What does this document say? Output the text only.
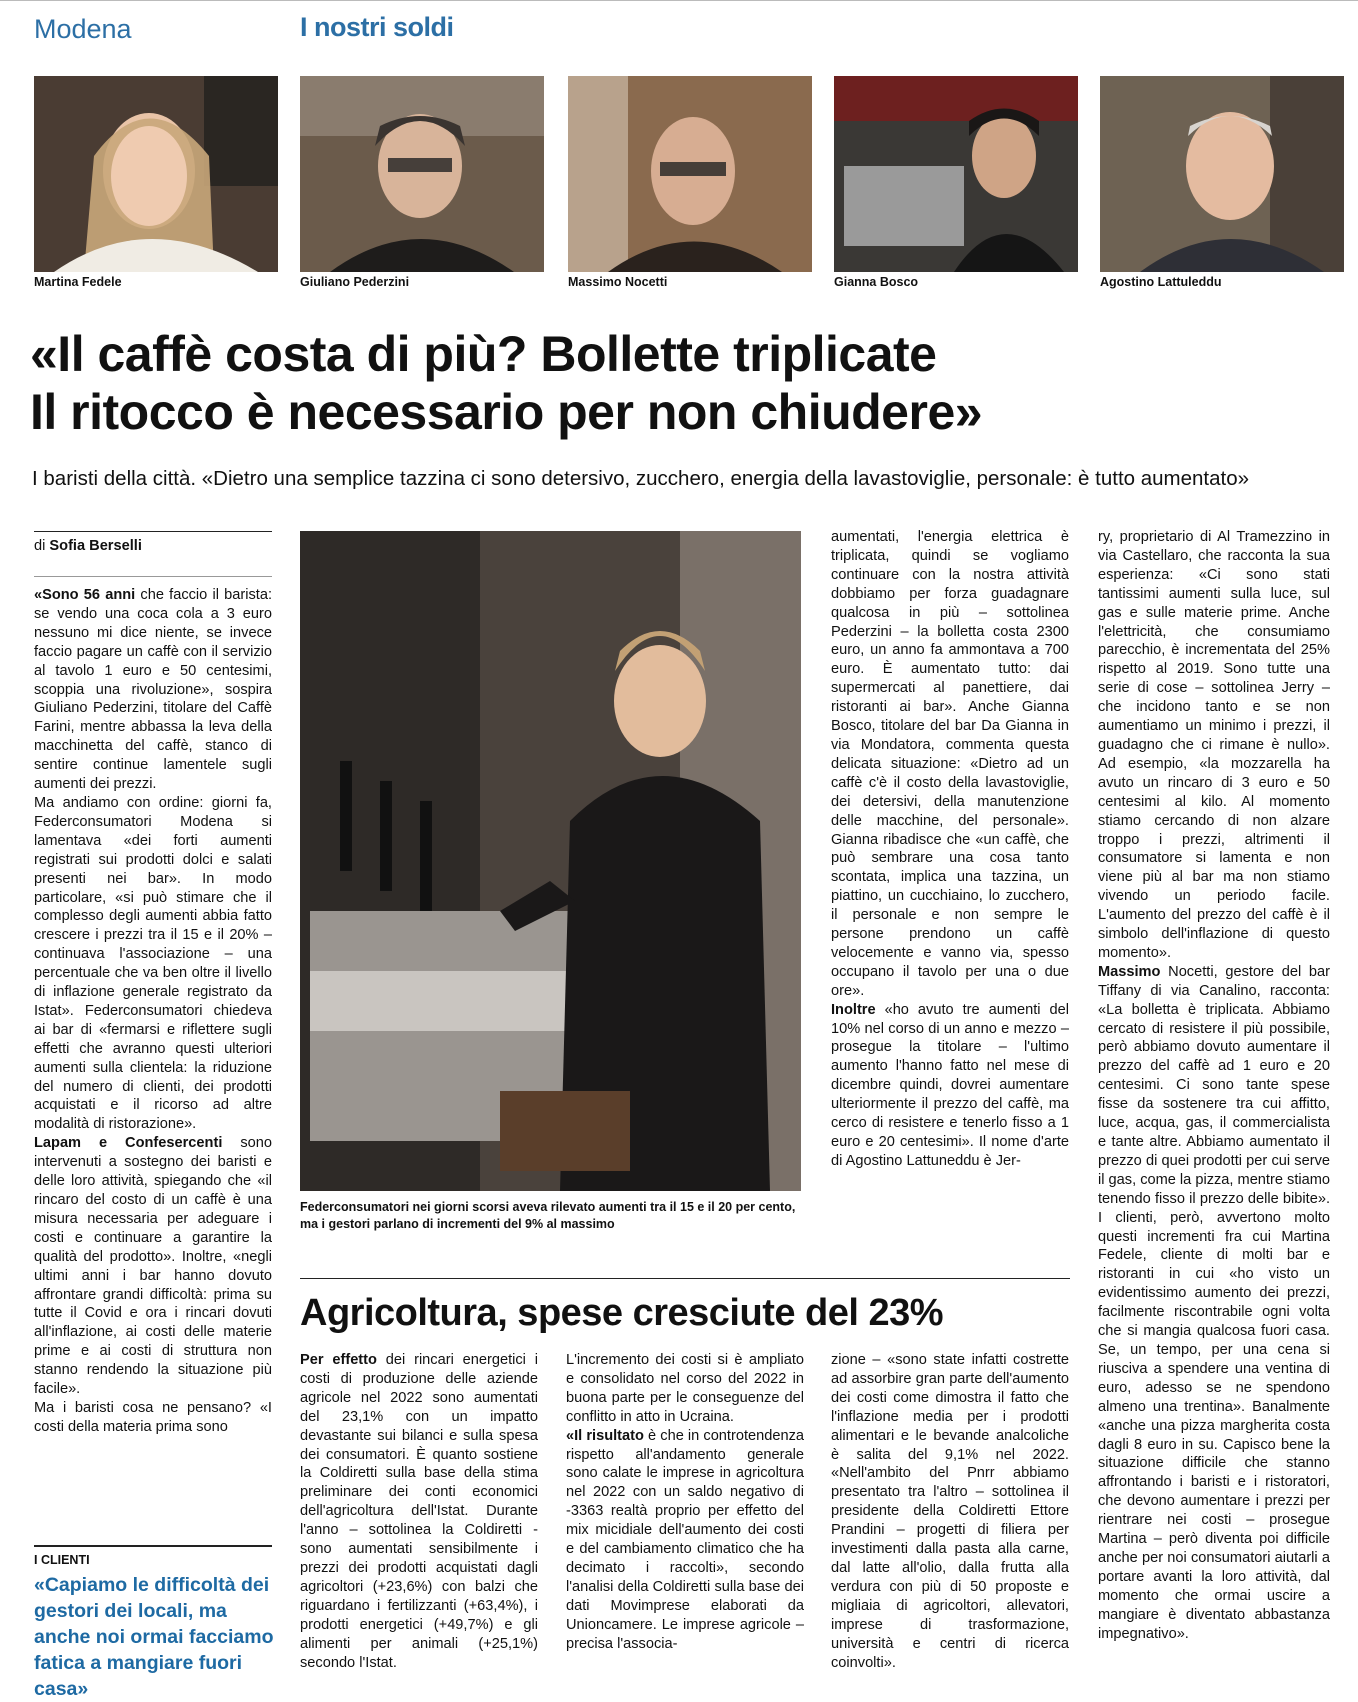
Modena	I nostri soldi
Martina Fedele	Giuliano Pederzini	Massimo Nocetti	Gianna Bosco	Agostino Lattuleddu
«Il caffè costa di più? Bollette triplicate
Il ritocco è necessario per non chiudere»
I baristi della città. «Dietro una semplice tazzina ci sono detersivo, zucchero, energia della lavastoviglie, personale: è tutto aumentato»
di Sofia Berselli

«Sono 56 anni che faccio il barista: se vendo una coca cola a 3 euro nessuno mi dice niente, se invece faccio pagare un caffè con il servizio al tavolo 1 euro e 50 centesimi, scoppia una rivoluzione», sospira Giuliano Pederzini, titolare del Caffè Farini, mentre abbassa la leva della macchinetta del caffè, stanco di sentire continue lamentele sugli aumenti dei prezzi.

Ma andiamo con ordine: giorni fa, Federconsumatori Modena si lamentava «dei forti aumenti registrati sui prodotti dolci e salati presenti nei bar». In modo particolare, «si può stimare che il complesso degli aumenti abbia fatto crescere i prezzi tra il 15 e il 20% – continuava l'associazione – una percentuale che va ben oltre il livello di inflazione generale registrato da Istat». Federconsumatori chiedeva ai bar di «fermarsi e riflettere sugli effetti che avranno questi ulteriori aumenti sulla clientela: la riduzione del numero di clienti, dei prodotti acquistati e il ricorso ad altre modalità di ristorazione».

Lapam e Confesercenti sono intervenuti a sostegno dei baristi e delle loro attività, spiegando che «il rincaro del costo di un caffè è una misura necessaria per adeguare i costi e continuare a garantire la qualità del prodotto». Inoltre, «negli ultimi anni i bar hanno dovuto affrontare grandi difficoltà: prima su tutte il Covid e ora i rincari dovuti all'inflazione, ai costi delle materie prime e ai costi di struttura non stanno rendendo la situazione più facile».

Ma i baristi cosa ne pensano? «I costi della materia prima sono

I CLIENTI
«Capiamo le difficoltà dei gestori dei locali, ma anche noi ormai facciamo fatica a mangiare fuori casa»
Federconsumatori nei giorni scorsi aveva rilevato aumenti tra il 15 e il 20 per cento, ma i gestori parlano di incrementi del 9% al massimo

aumentati, l'energia elettrica è triplicata, quindi se vogliamo continuare con la nostra attività dobbiamo per forza guadagnare qualcosa in più – sottolinea Pederzini – la bolletta costa 2300 euro, un anno fa ammontava a 700 euro. È aumentato tutto: dai supermercati al panettiere, dai ristoranti ai bar». Anche Gianna Bosco, titolare del bar Da Gianna in via Mondatora, commenta questa delicata situazione: «Dietro ad un caffè c'è il costo della lavastoviglie, dei detersivi, della manutenzione delle macchine, del personale». Gianna ribadisce che «un caffè, che può sembrare una cosa tanto scontata, implica una tazzina, un piattino, un cucchiaino, lo zucchero, il personale e non sempre le persone prendono un caffè velocemente e vanno via, spesso occupano il tavolo per una o due ore».

Inoltre «ho avuto tre aumenti del 10% nel corso di un anno e mezzo – prosegue la titolare – l'ultimo aumento l'hanno fatto nel mese di dicembre quindi, dovrei aumentare ulteriormente il prezzo del caffè, ma cerco di resistere e tenerlo fisso a 1 euro e 20 centesimi». Il nome d'arte di Agostino Lattuneddu è Jer-

ry, proprietario di Al Tramezzino in via Castellaro, che racconta la sua esperienza: «Ci sono stati tantissimi aumenti sulla luce, sul gas e sulle materie prime. Anche l'elettricità, che consumiamo parecchio, è incrementata del 25% rispetto al 2019. Sono tutte una serie di cose – sottolinea Jerry – che incidono tanto e se non aumentiamo un minimo i prezzi, il guadagno che ci rimane è nullo». Ad esempio, «la mozzarella ha avuto un rincaro di 3 euro e 50 centesimi al kilo. Al momento stiamo cercando di non alzare troppo i prezzi, altrimenti il consumatore si lamenta e non viene più al bar ma non stiamo vivendo un periodo facile. L'aumento del prezzo del caffè è il simbolo dell'inflazione di questo momento».

Massimo Nocetti, gestore del bar Tiffany di via Canalino, racconta: «La bolletta è triplicata. Abbiamo cercato di resistere il più possibile, però abbiamo dovuto aumentare il prezzo del caffè ad 1 euro e 20 centesimi. Ci sono tante spese fisse da sostenere tra cui affitto, luce, acqua, gas, il commercialista e tante altre. Abbiamo aumentato il prezzo di quei prodotti per cui serve il gas, come la pizza, mentre stiamo tenendo fisso il prezzo delle bibite». I clienti, però, avvertono molto questi incrementi fra cui Martina Fedele, cliente di molti bar e ristoranti in cui «ho visto un evidentissimo aumento dei prezzi, facilmente riscontrabile ogni volta che si mangia qualcosa fuori casa. Se, un tempo, per una cena si riusciva a spendere una ventina di euro, adesso se ne spendono almeno una trentina». Banalmente «anche una pizza margherita costa dagli 8 euro in su. Capisco bene la situazione difficile che stanno affrontando i baristi e i ristoratori, che devono aumentare i prezzi per rientrare nei costi – prosegue Martina – però diventa poi difficile anche per noi consumatori aiutarli a portare avanti la loro attività, dal momento che ormai uscire a mangiare è diventato abbastanza impegnativo».

Agricoltura, spese cresciute del 23%

Per effetto dei rincari energetici i costi di produzione delle aziende agricole nel 2022 sono aumentati del 23,1% con un impatto devastante sui bilanci e sulla spesa dei consumatori. È quanto sostiene la Coldiretti sulla base della stima preliminare dei conti economici dell'agricoltura dell'Istat. Durante l'anno – sottolinea la Coldiretti - sono aumentati sensibilmente i prezzi dei prodotti acquistati dagli agricoltori (+23,6%) con balzi che riguardano i fertilizzanti (+63,4%), i prodotti energetici (+49,7%) e gli alimenti per animali (+25,1%) secondo l'Istat.

L'incremento dei costi si è ampliato e consolidato nel corso del 2022 in buona parte per le conseguenze del conflitto in atto in Ucraina.

«Il risultato è che in controtendenza rispetto all'andamento generale sono calate le imprese in agricoltura nel 2022 con un saldo negativo di -3363 realtà proprio per effetto del mix micidiale dell'aumento dei costi e del cambiamento climatico che ha decimato i raccolti», secondo l'analisi della Coldiretti sulla base dei dati Movimprese elaborati da Unioncamere. Le imprese agricole – precisa l'associa-

zione – «sono state infatti costrette ad assorbire gran parte dell'aumento dei costi come dimostra il fatto che l'inflazione media per i prodotti alimentari e le bevande analcoliche è salita del 9,1% nel 2022. «Nell'ambito del Pnrr abbiamo presentato tra l'altro – sottolinea il presidente della Coldiretti Ettore Prandini – progetti di filiera per investimenti dalla pasta alla carne, dal latte all'olio, dalla frutta alla verdura con più di 50 proposte e migliaia di agricoltori, allevatori, imprese di trasformazione, università e centri di ricerca coinvolti».
